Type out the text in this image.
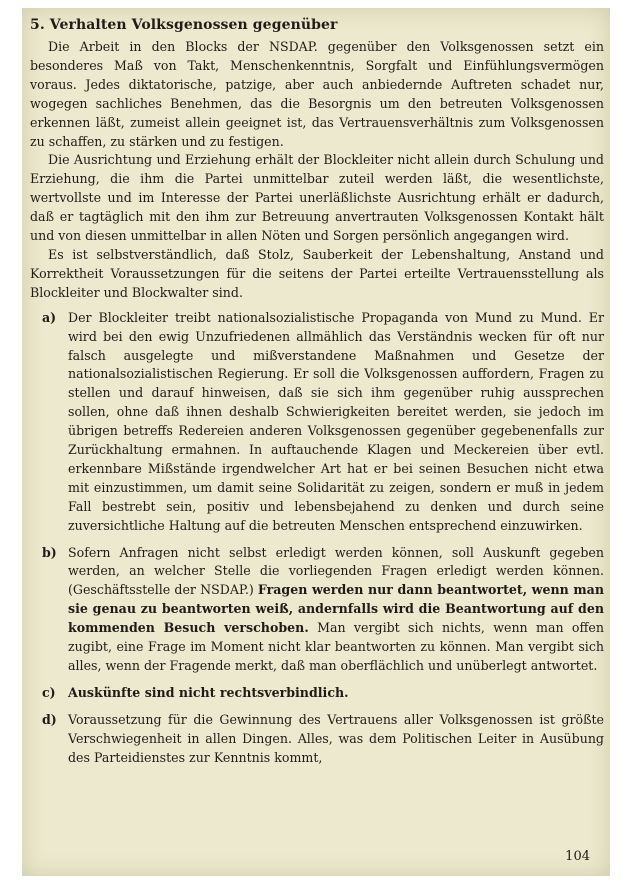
5. Verhalten Volksgenossen gegenüber

Die Arbeit in den Blocks der NSDAP. gegenüber den Volksgenossen setzt ein besonderes Maß von Takt, Menschenkenntnis, Sorgfalt und Einfühlungsvermögen voraus. Jedes diktatorische, patzige, aber auch anbiedernde Auftreten schadet nur, wogegen sachliches Benehmen, das die Besorgnis um den betreuten Volksgenossen erkennen läßt, zumeist allein geeignet ist, das Vertrauensverhältnis zum Volksgenossen zu schaffen, zu stärken und zu festigen.

Die Ausrichtung und Erziehung erhält der Blockleiter nicht allein durch Schulung und Erziehung, die ihm die Partei unmittelbar zuteil werden läßt, die wesentlichste, wertvollste und im Interesse der Partei unerläßlichste Ausrichtung erhält er dadurch, daß er tagtäglich mit den ihm zur Betreuung anvertrauten Volksgenossen Kontakt hält und von diesen unmittelbar in allen Nöten und Sorgen persönlich angegangen wird.

Es ist selbstverständlich, daß Stolz, Sauberkeit der Lebenshaltung, Anstand und Korrektheit Voraussetzungen für die seitens der Partei erteilte Vertrauensstellung als Blockleiter und Blockwalter sind.

a) Der Blockleiter treibt nationalsozialistische Propaganda von Mund zu Mund. Er wird bei den ewig Unzufriedenen allmählich das Verständnis wecken für oft nur falsch ausgelegte und mißverstandene Maßnahmen und Gesetze der nationalsozialistischen Regierung. Er soll die Volksgenossen auffordern, Fragen zu stellen und darauf hinweisen, daß sie sich ihm gegenüber ruhig aussprechen sollen, ohne daß ihnen deshalb Schwierigkeiten bereitet werden, sie jedoch im übrigen betreffs Redereien anderen Volksgenossen gegenüber gegebenenfalls zur Zurückhaltung ermahnen. In auftauchende Klagen und Meckereien über evtl. erkennbare Mißstände irgendwelcher Art hat er bei seinen Besuchen nicht etwa mit einzustimmen, um damit seine Solidarität zu zeigen, sondern er muß in jedem Fall bestrebt sein, positiv und lebensbejahend zu denken und durch seine zuversichtliche Haltung auf die betreuten Menschen entsprechend einzuwirken.
b) Sofern Anfragen nicht selbst erledigt werden können, soll Auskunft gegeben werden, an welcher Stelle die vorliegenden Fragen erledigt werden können. (Geschäftsstelle der NSDAP.) Fragen werden nur dann beantwortet, wenn man sie genau zu beantworten weiß, andernfalls wird die Beantwortung auf den kommenden Besuch verschoben. Man vergibt sich nichts, wenn man offen zugibt, eine Frage im Moment nicht klar beantworten zu können. Man vergibt sich alles, wenn der Fragende merkt, daß man oberflächlich und unüberlegt antwortet.
c) Auskünfte sind nicht rechtsverbindlich.
d) Voraussetzung für die Gewinnung des Vertrauens aller Volksgenossen ist größte Verschwiegenheit in allen Dingen. Alles, was dem Politischen Leiter in Ausübung des Parteidienstes zur Kenntnis kommt,
104
